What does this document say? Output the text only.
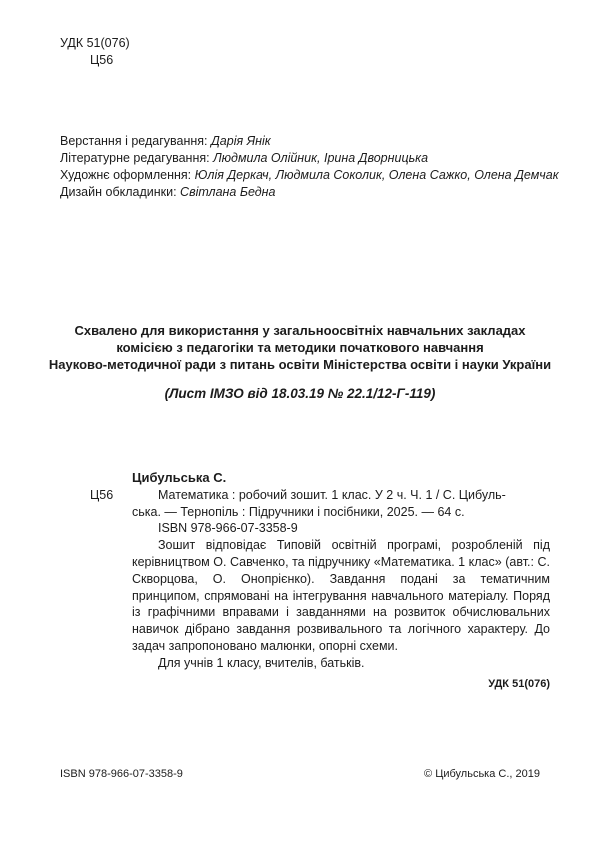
УДК 51(076)
Ц56
Верстання і редагування: Дарія Янік
Літературне редагування: Людмила Олійник, Ірина Дворницька
Художнє оформлення: Юлія Деркач, Людмила Соколик, Олена Сажко, Олена Демчак
Дизайн обкладинки: Світлана Бедна
Схвалено для використання у загальноосвітніх навчальних закладах
комісією з педагогіки та методики початкового навчання
Науково-методичної ради з питань освіти Міністерства освіти і науки України
(Лист ІМЗО від 18.03.19 № 22.1/12-Г-119)
Цибульська С.
Ц56	Математика : робочий зошит. 1 клас. У 2 ч. Ч. 1 / С. Цибуль-
ська. — Тернопіль : Підручники і посібники, 2025. — 64 с.
ISBN 978-966-07-3358-9

Зошит відповідає Типовій освітній програмі, розробленій під керівництвом О. Савченко, та підручнику «Математика. 1 клас» (авт.: С. Скворцова, О. Онопрієнко). Завдання подані за тематичним принципом, спрямовані на інтегрування навчального матеріалу. Поряд із графічними вправами і завданнями на розвиток обчислювальних навичок дібрано завдання розвивального та логічного характеру. До задач запропоновано малюнки, опорні схеми.

Для учнів 1 класу, вчителів, батьків.

УДК 51(076)
ISBN 978-966-07-3358-9	© Цибульська С., 2019
